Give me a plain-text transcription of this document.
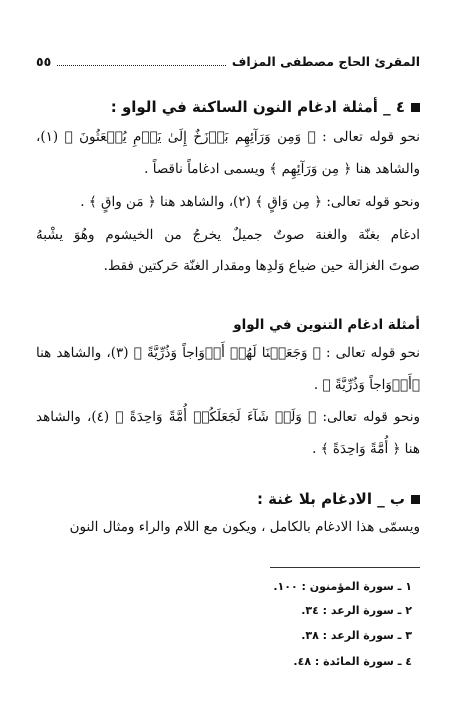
المقرئ الحاج مصطفى المزاف
٥٥
٤ _ أمثلة ادغام النون الساكنة في الواو :
نحو قوله تعالى : ﴿ وَمِن وَرَآئِهِم بَرۡزَخٌ إِلَىٰ يَوۡمِ يُبۡعَثُونَ ﴾ (١)،
والشاهد هنا ﴿ مِن وَرَآئِهِم ﴾ ويسمى ادغاماً ناقصاً .
ونحو قوله تعالى: ﴿ مِن وَاقٍ ﴾ (٢)، والشاهد هنا ﴿ مَن واقٍ ﴾ .
ادغام بغنّة والغنة صوتٌ جميلٌ يخرجُ من الخيشوم وهُوَ يشْبهُ
صوتَ الغزالة حين ضياع وَلدِها ومقدار الغنّة حَركتين فقط.
أمثلة ادغام التنوين في الواو
نحو قوله تعالى : ﴿ وَجَعَلۡنَا لَهُمۡ أَزۡوَاجاً وَذُرِّيَّةً ﴾ (٣)، والشاهد هنا
﴿أَزۡوَاجاً وَذُرِّيَّةً ﴾ .
ونحو قوله تعالى: ﴿ وَلَوۡ شَآءَ لَجَعَلَكُمۡ أُمَّةً وَاحِدَةً ﴾ (٤)، والشاهد
هنا ﴿ أُمَّةً وَاحِدَةً ﴾ .
ب _ الادغام بلا غنة :
ويسمّى هذا الادغام بالكامل ، ويكون مع اللام والراء ومثال النون
١ ـ سورة المؤمنون : ١٠٠.
٢ ـ سورة الرعد : ٣٤.
٣ ـ سورة الرعد : ٣٨.
٤ ـ سورة المائدة : ٤٨.
